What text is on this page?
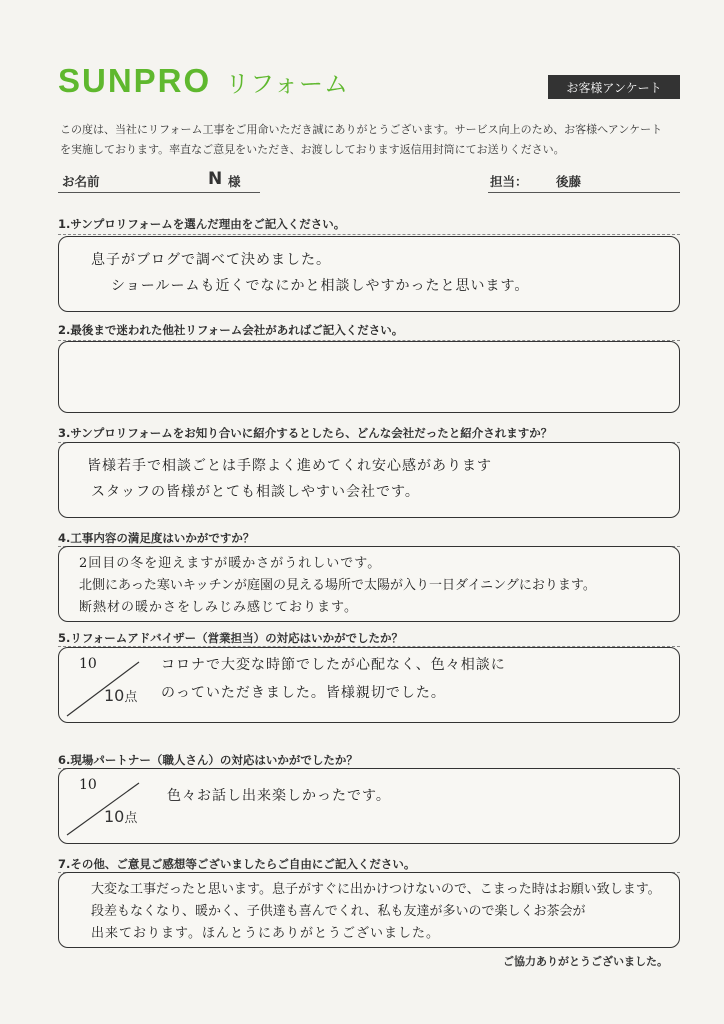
SUNPRO リフォーム	お客様アンケート
この度は、当社にリフォーム工事をご用命いただき誠にありがとうございます。サービス向上のため、お客様へアンケートを実施しております。率直なご意見をいただき、お渡ししております返信用封筒にてお送りください。
お名前	N 様	担当： 後藤
1.サンプロリフォームを選んだ理由をご記入ください。
息子がブログで調べて決めました。
ショールームも近くでなにかと相談しやすかったと思います。
2.最後まで迷われた他社リフォーム会社があればご記入ください。
3.サンプロリフォームをお知り合いに紹介するとしたら、どんな会社だったと紹介されますか？
皆様若手で相談ごとは手際よく進めてくれ安心感があります
スタッフの皆様がとても相談しやすい会社です。
4.工事内容の満足度はいかがですか？
2回目の冬を迎えますが暖かさがうれしいです。
北側にあった寒いキッチンが庭園の見える場所で太陽が入り一日ダイニングにおります。
断熱材の暖かさをしみじみ感じております。
5.リフォームアドバイザー（営業担当）の対応はいかがでしたか？
10
10点
コロナで大変な時節でしたが心配なく、色々相談に
のっていただきました。皆様親切でした。
6.現場パートナー（職人さん）の対応はいかがでしたか？
10
10点
色々お話し出来楽しかったです。
7.その他、ご意見ご感想等ございましたらご自由にご記入ください。
大変な工事だったと思います。息子がすぐに出かけつけないので、こまった時はお願い致します。
段差もなくなり、暖かく、子供達も喜んでくれ、私も友達が多いので楽しくお茶会が
出来ております。ほんとうにありがとうございました。
ご協力ありがとうございました。
